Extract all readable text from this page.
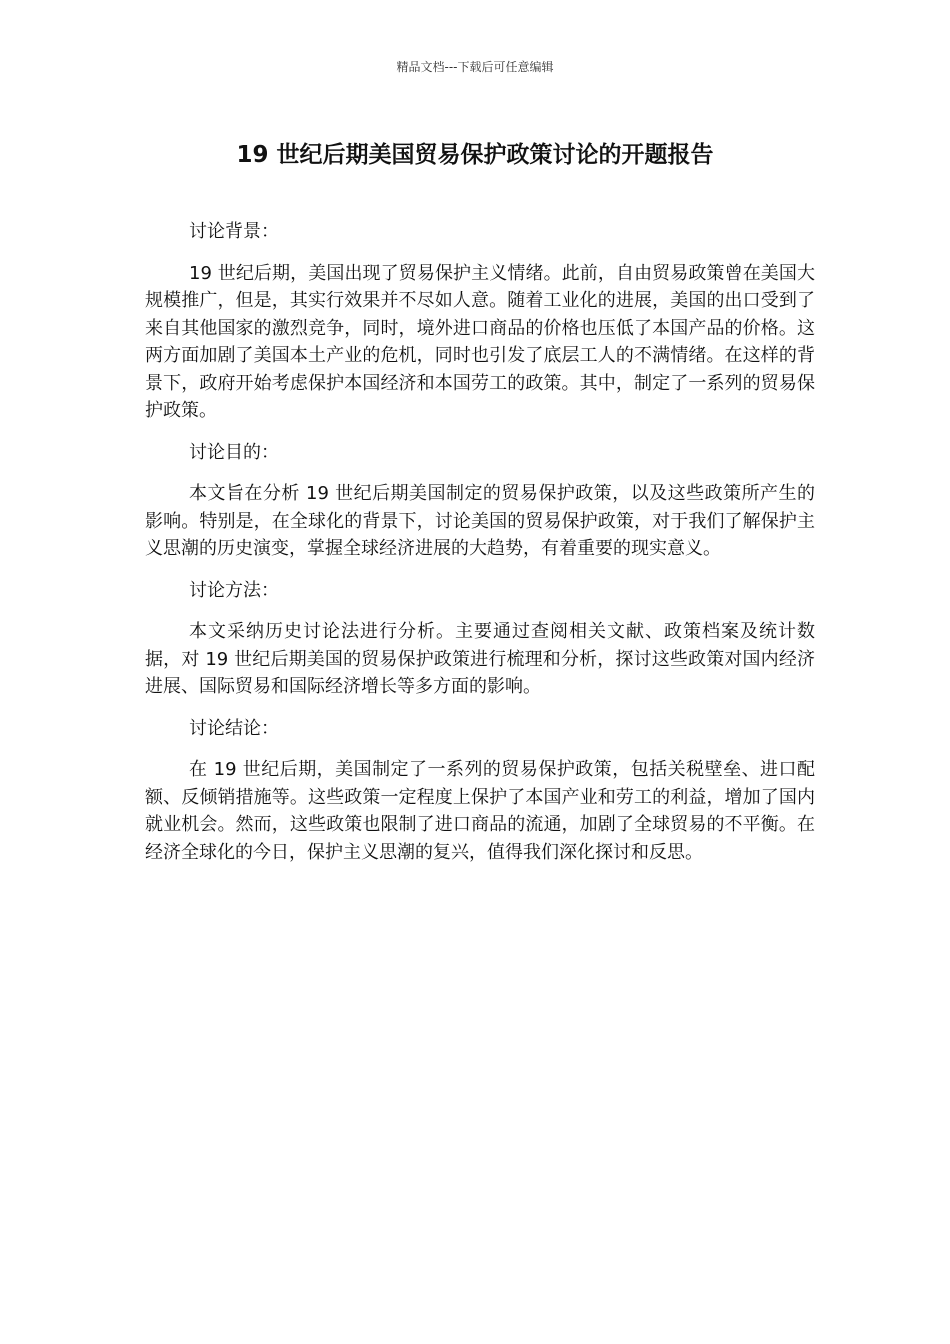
精品文档---下载后可任意编辑
19 世纪后期美国贸易保护政策讨论的开题报告

讨论背景：

19 世纪后期，美国出现了贸易保护主义情绪。此前，自由贸易政策曾在美国大规模推广，但是，其实行效果并不尽如人意。随着工业化的进展，美国的出口受到了来自其他国家的激烈竞争，同时，境外进口商品的价格也压低了本国产品的价格。这两方面加剧了美国本土产业的危机，同时也引发了底层工人的不满情绪。在这样的背景下，政府开始考虑保护本国经济和本国劳工的政策。其中，制定了一系列的贸易保护政策。

讨论目的：

本文旨在分析 19 世纪后期美国制定的贸易保护政策，以及这些政策所产生的影响。特别是，在全球化的背景下，讨论美国的贸易保护政策，对于我们了解保护主义思潮的历史演变，掌握全球经济进展的大趋势，有着重要的现实意义。

讨论方法：

本文采纳历史讨论法进行分析。主要通过查阅相关文献、政策档案及统计数据，对 19 世纪后期美国的贸易保护政策进行梳理和分析，探讨这些政策对国内经济进展、国际贸易和国际经济增长等多方面的影响。

讨论结论：

在 19 世纪后期，美国制定了一系列的贸易保护政策，包括关税壁垒、进口配额、反倾销措施等。这些政策一定程度上保护了本国产业和劳工的利益，增加了国内就业机会。然而，这些政策也限制了进口商品的流通，加剧了全球贸易的不平衡。在经济全球化的今日，保护主义思潮的复兴，值得我们深化探讨和反思。
